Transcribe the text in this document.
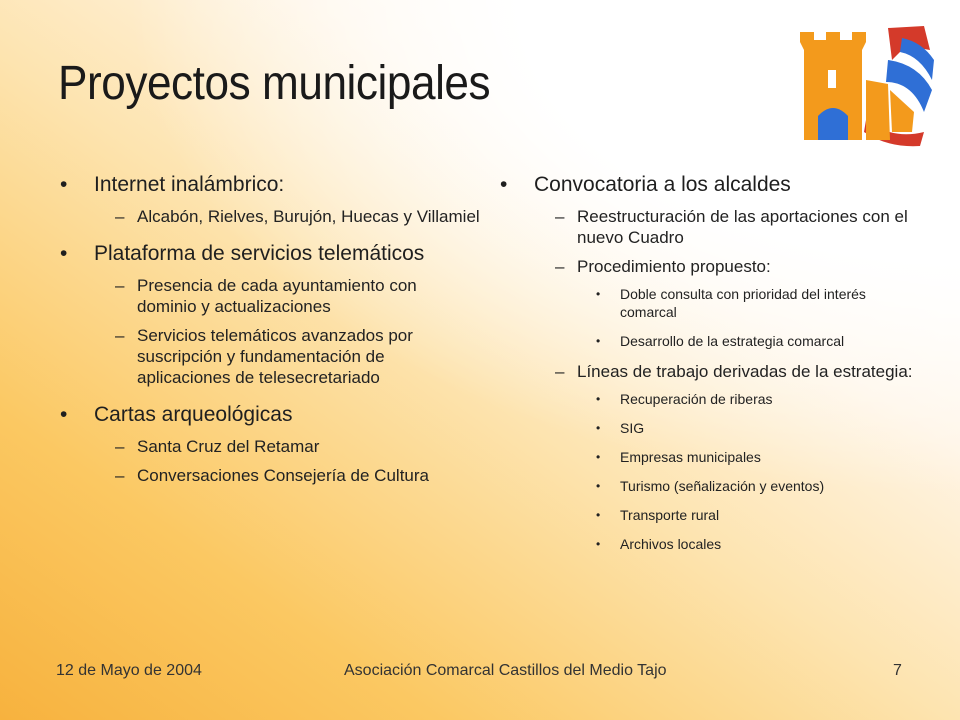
Proyectos municipales
• Internet inalámbrico:
– Alcabón, Rielves, Burujón, Huecas y Villamiel
• Plataforma de servicios telemáticos
– Presencia de cada ayuntamiento con dominio y actualizaciones
– Servicios telemáticos avanzados por suscripción y fundamentación de aplicaciones de telesecretariado
• Cartas arqueológicas
– Santa Cruz del Retamar
– Conversaciones Consejería de Cultura
• Convocatoria a los alcaldes
– Reestructuración de las aportaciones con el nuevo Cuadro
– Procedimiento propuesto:
• Doble consulta con prioridad del interés comarcal
• Desarrollo de la estrategia comarcal
– Líneas de trabajo derivadas de la estrategia:
• Recuperación de riberas
• SIG
• Empresas municipales
• Turismo (señalización y eventos)
• Transporte rural
• Archivos locales
12 de Mayo de 2004	Asociación Comarcal Castillos del Medio Tajo	7
